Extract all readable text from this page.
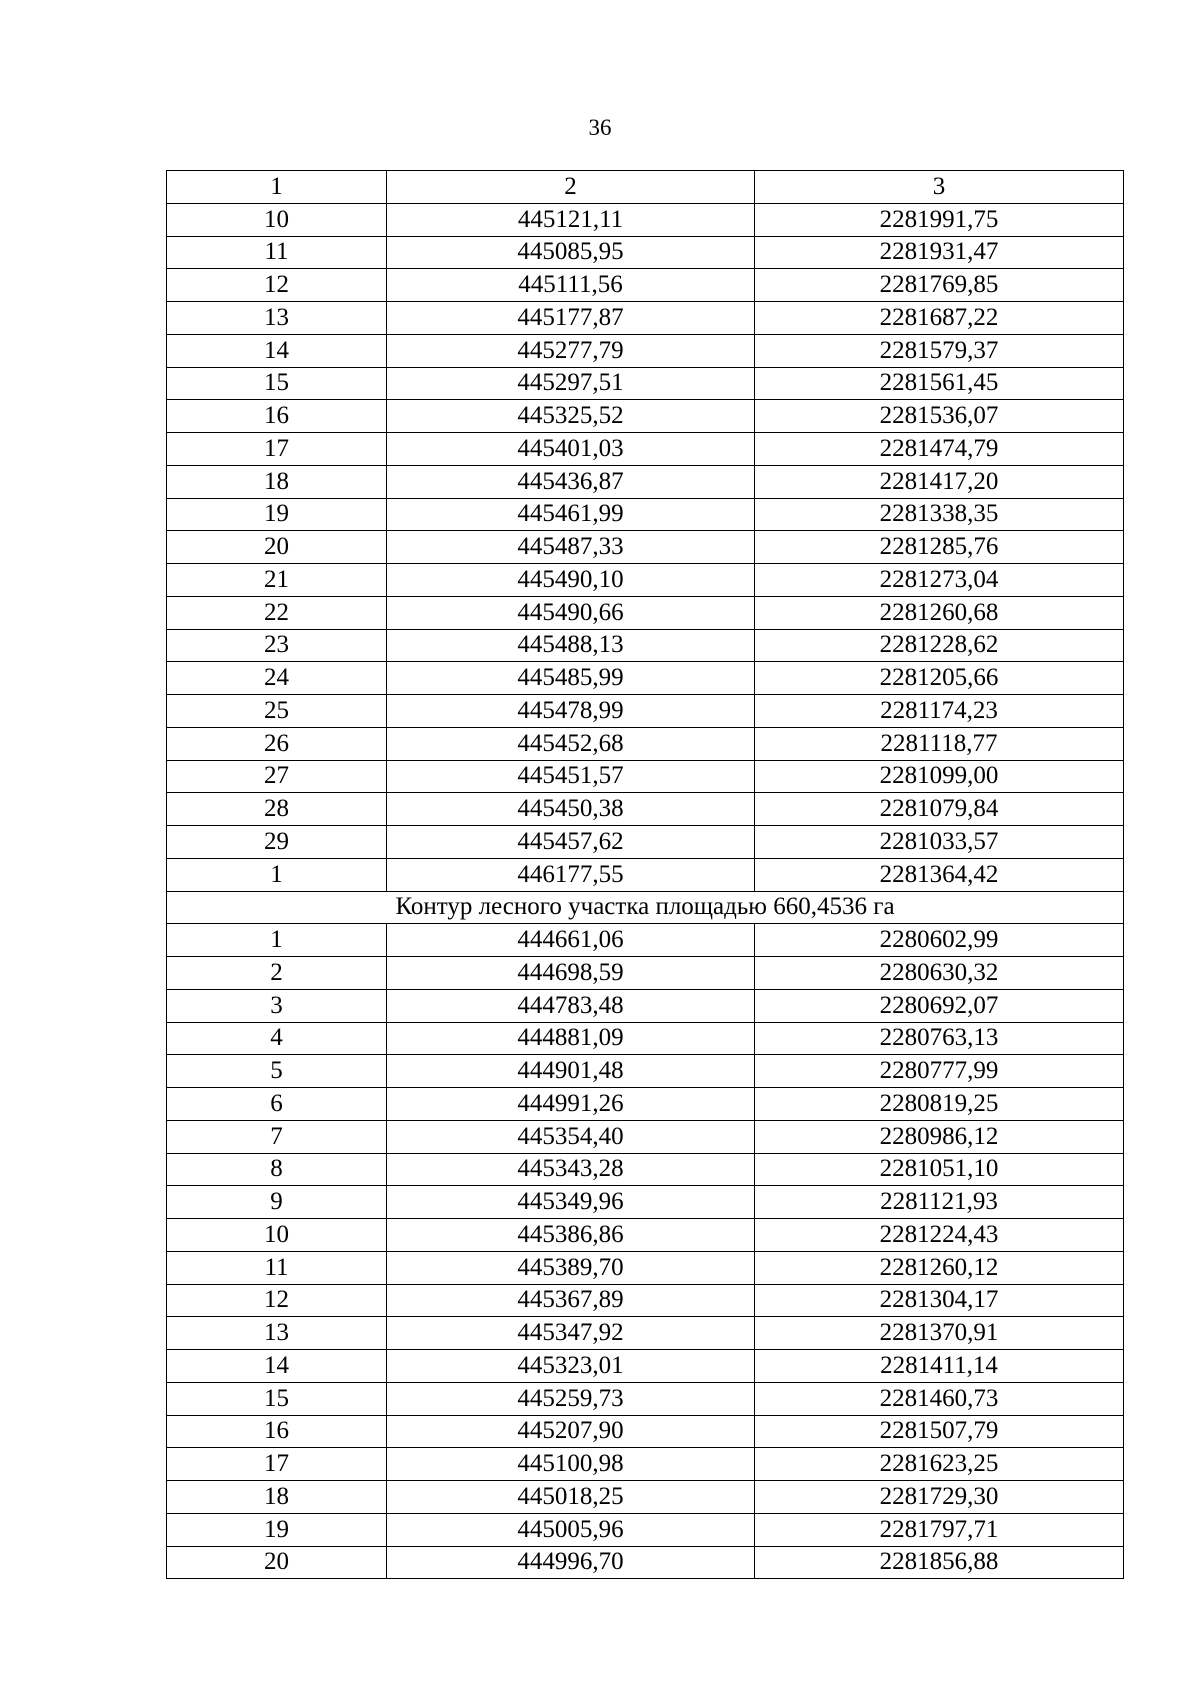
36
1	2	3
10	445121,11	2281991,75
11	445085,95	2281931,47
12	445111,56	2281769,85
13	445177,87	2281687,22
14	445277,79	2281579,37
15	445297,51	2281561,45
16	445325,52	2281536,07
17	445401,03	2281474,79
18	445436,87	2281417,20
19	445461,99	2281338,35
20	445487,33	2281285,76
21	445490,10	2281273,04
22	445490,66	2281260,68
23	445488,13	2281228,62
24	445485,99	2281205,66
25	445478,99	2281174,23
26	445452,68	2281118,77
27	445451,57	2281099,00
28	445450,38	2281079,84
29	445457,62	2281033,57
1	446177,55	2281364,42
Контур лесного участка площадью 660,4536 га		
1	444661,06	2280602,99
2	444698,59	2280630,32
3	444783,48	2280692,07
4	444881,09	2280763,13
5	444901,48	2280777,99
6	444991,26	2280819,25
7	445354,40	2280986,12
8	445343,28	2281051,10
9	445349,96	2281121,93
10	445386,86	2281224,43
11	445389,70	2281260,12
12	445367,89	2281304,17
13	445347,92	2281370,91
14	445323,01	2281411,14
15	445259,73	2281460,73
16	445207,90	2281507,79
17	445100,98	2281623,25
18	445018,25	2281729,30
19	445005,96	2281797,71
20	444996,70	2281856,88
